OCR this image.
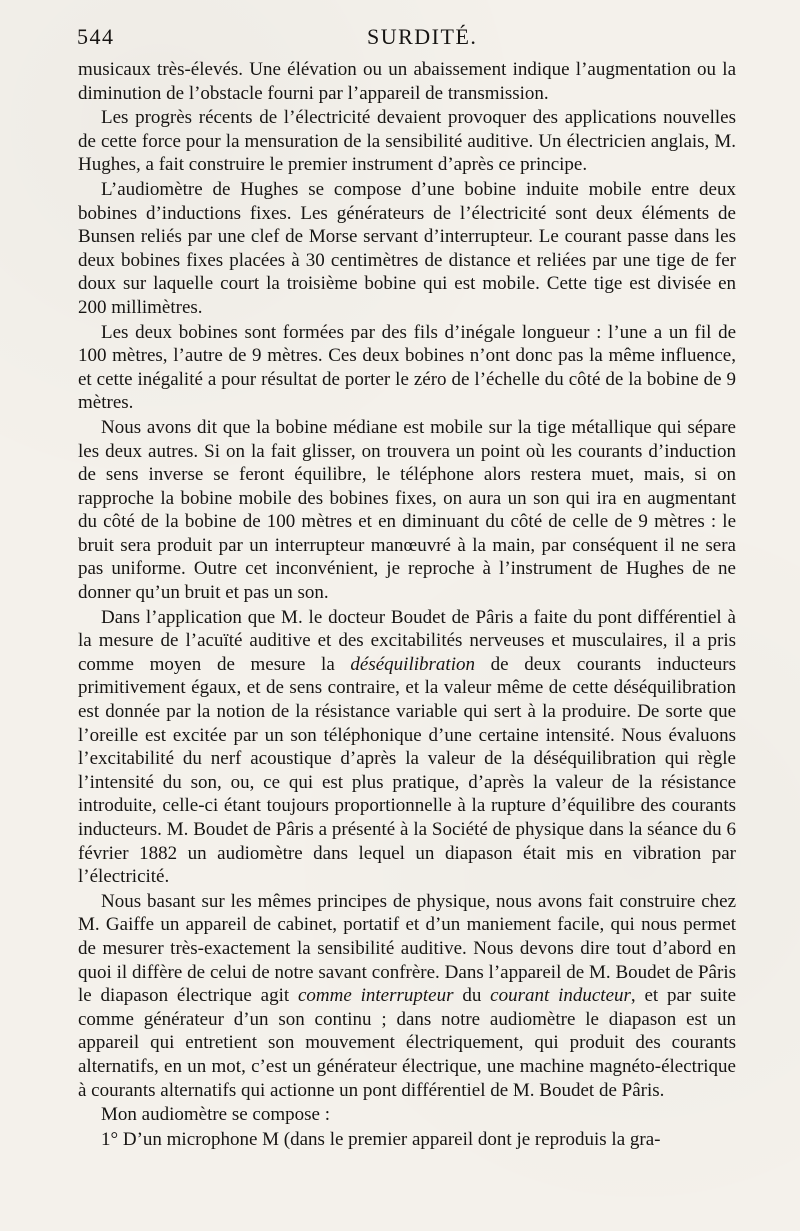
544	SURDITÉ.

musicaux très-élevés. Une élévation ou un abaissement indique l’augmentation ou la diminution de l’obstacle fourni par l’appareil de transmission.

Les progrès récents de l’électricité devaient provoquer des applications nouvelles de cette force pour la mensuration de la sensibilité auditive. Un électricien anglais, M. Hughes, a fait construire le premier instrument d’après ce principe.

L’audiomètre de Hughes se compose d’une bobine induite mobile entre deux bobines d’inductions fixes. Les générateurs de l’électricité sont deux éléments de Bunsen reliés par une clef de Morse servant d’interrupteur. Le courant passe dans les deux bobines fixes placées à 30 centimètres de distance et reliées par une tige de fer doux sur laquelle court la troisième bobine qui est mobile. Cette tige est divisée en 200 millimètres.

Les deux bobines sont formées par des fils d’inégale longueur : l’une a un fil de 100 mètres, l’autre de 9 mètres. Ces deux bobines n’ont donc pas la même influence, et cette inégalité a pour résultat de porter le zéro de l’échelle du côté de la bobine de 9 mètres.

Nous avons dit que la bobine médiane est mobile sur la tige métallique qui sépare les deux autres. Si on la fait glisser, on trouvera un point où les courants d’induction de sens inverse se feront équilibre, le téléphone alors restera muet, mais, si on rapproche la bobine mobile des bobines fixes, on aura un son qui ira en augmentant du côté de la bobine de 100 mètres et en diminuant du côté de celle de 9 mètres : le bruit sera produit par un interrupteur manœuvré à la main, par conséquent il ne sera pas uniforme. Outre cet inconvénient, je reproche à l’instrument de Hughes de ne donner qu’un bruit et pas un son.

Dans l’application que M. le docteur Boudet de Pâris a faite du pont différentiel à la mesure de l’acuïté auditive et des excitabilités nerveuses et musculaires, il a pris comme moyen de mesure la déséquilibration de deux courants inducteurs primitivement égaux, et de sens contraire, et la valeur même de cette déséquilibration est donnée par la notion de la résistance variable qui sert à la produire. De sorte que l’oreille est excitée par un son téléphonique d’une certaine intensité. Nous évaluons l’excitabilité du nerf acoustique d’après la valeur de la déséquilibration qui règle l’intensité du son, ou, ce qui est plus pratique, d’après la valeur de la résistance introduite, celle-ci étant toujours proportionnelle à la rupture d’équilibre des courants inducteurs. M. Boudet de Pâris a présenté à la Société de physique dans la séance du 6 février 1882 un audiomètre dans lequel un diapason était mis en vibration par l’électricité.

Nous basant sur les mêmes principes de physique, nous avons fait construire chez M. Gaiffe un appareil de cabinet, portatif et d’un maniement facile, qui nous permet de mesurer très-exactement la sensibilité auditive. Nous devons dire tout d’abord en quoi il diffère de celui de notre savant confrère. Dans l’appareil de M. Boudet de Pâris le diapason électrique agit comme interrupteur du courant inducteur, et par suite comme générateur d’un son continu ; dans notre audiomètre le diapason est un appareil qui entretient son mouvement électriquement, qui produit des courants alternatifs, en un mot, c’est un générateur électrique, une machine magnéto-électrique à courants alternatifs qui actionne un pont différentiel de M. Boudet de Pâris.

Mon audiomètre se compose :

1° D’un microphone M (dans le premier appareil dont je reproduis la gra-
